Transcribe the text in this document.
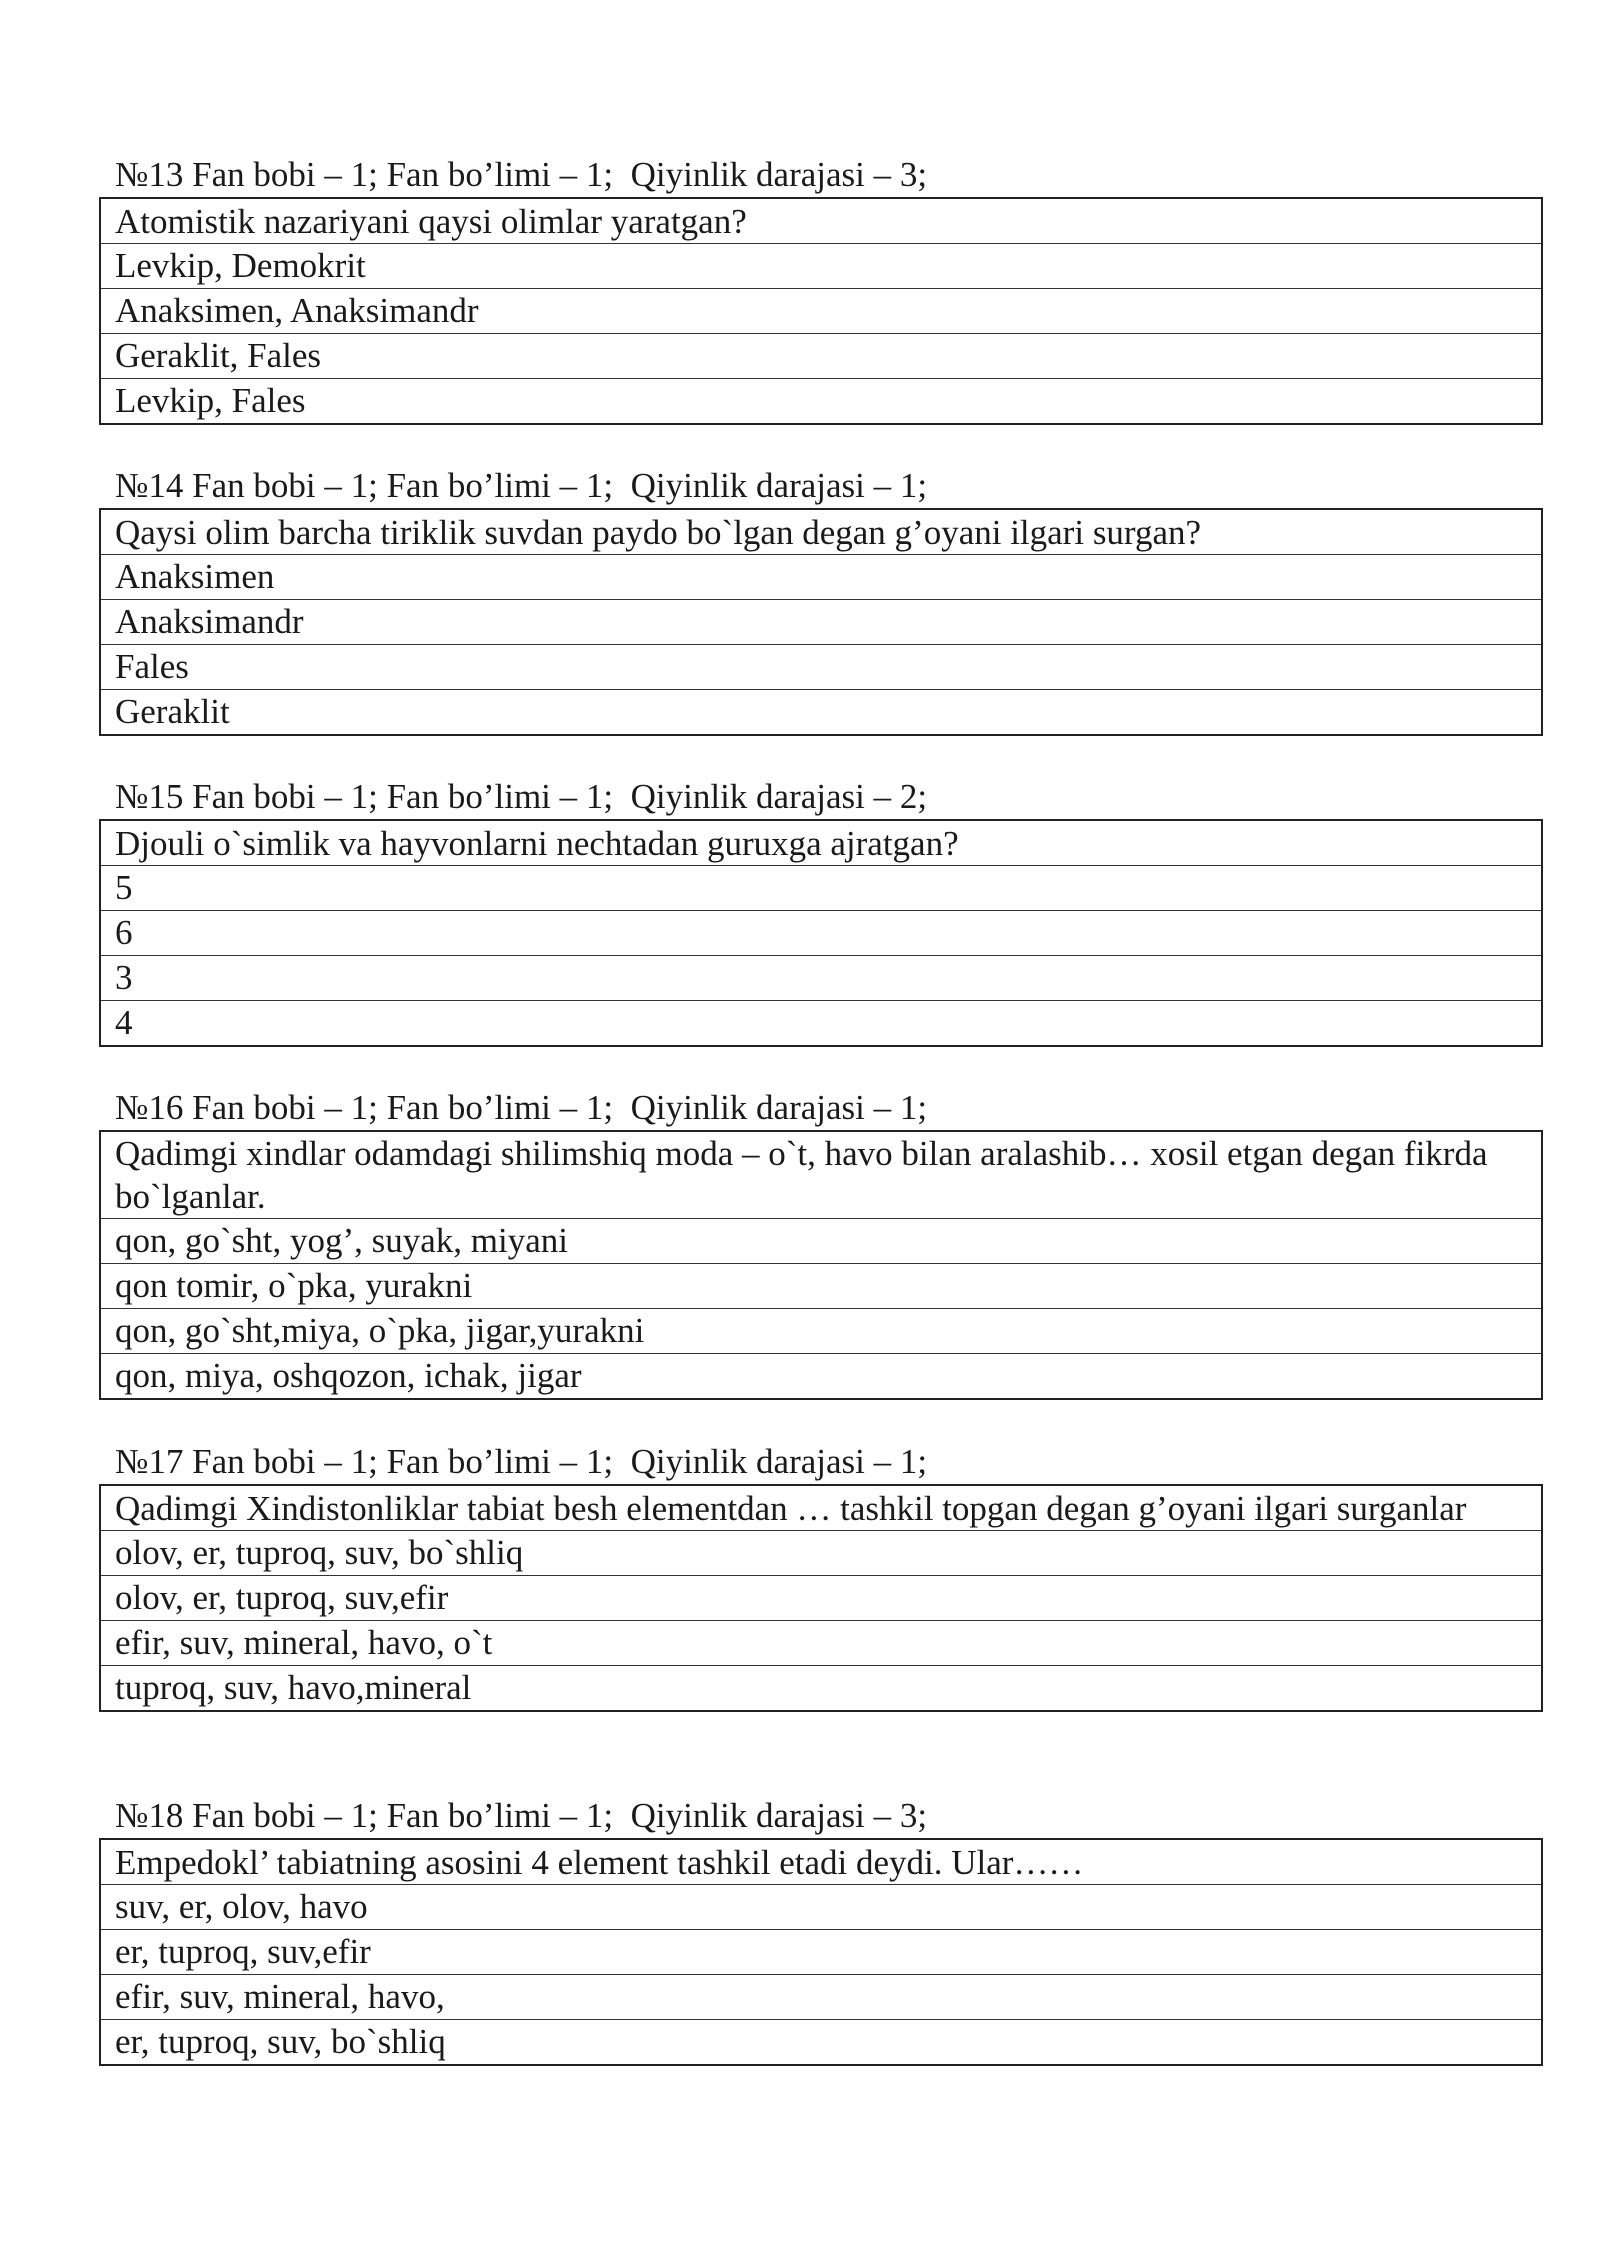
№13 Fan bobi – 1; Fan bo’limi – 1;  Qiyinlik darajasi – 3;
Atomistik nazariyani qaysi olimlar yaratgan?
Levkip, Demokrit
Anaksimen, Anaksimandr
Geraklit, Fales
Levkip, Fales
№14 Fan bobi – 1; Fan bo’limi – 1;  Qiyinlik darajasi – 1;
Qaysi olim barcha tiriklik suvdan paydo bo`lgan degan g’oyani ilgari surgan?
Anaksimen
Anaksimandr
Fales
Geraklit
№15 Fan bobi – 1; Fan bo’limi – 1;  Qiyinlik darajasi – 2;
Djouli o`simlik va hayvonlarni nechtadan guruxga ajratgan?
5
6
3
4
№16 Fan bobi – 1; Fan bo’limi – 1;  Qiyinlik darajasi – 1;
Qadimgi xindlar odamdagi shilimshiq moda – o`t, havo bilan aralashib… xosil etgan degan fikrda bo`lganlar.
qon, go`sht, yog’, suyak, miyani
qon tomir, o`pka, yurakni
qon, go`sht,miya, o`pka, jigar,yurakni
qon, miya, oshqozon, ichak, jigar
№17 Fan bobi – 1; Fan bo’limi – 1;  Qiyinlik darajasi – 1;
Qadimgi Xindistonliklar tabiat besh elementdan … tashkil topgan degan g’oyani ilgari surganlar
olov, er, tuproq, suv, bo`shliq
olov, er, tuproq, suv,efir
efir, suv, mineral, havo, o`t
tuproq, suv, havo,mineral
№18 Fan bobi – 1; Fan bo’limi – 1;  Qiyinlik darajasi – 3;
Empedokl’ tabiatning asosini 4 element tashkil etadi deydi. Ular……
suv, er, olov, havo
er, tuproq, suv,efir
efir, suv, mineral, havo,
er, tuproq, suv, bo`shliq
